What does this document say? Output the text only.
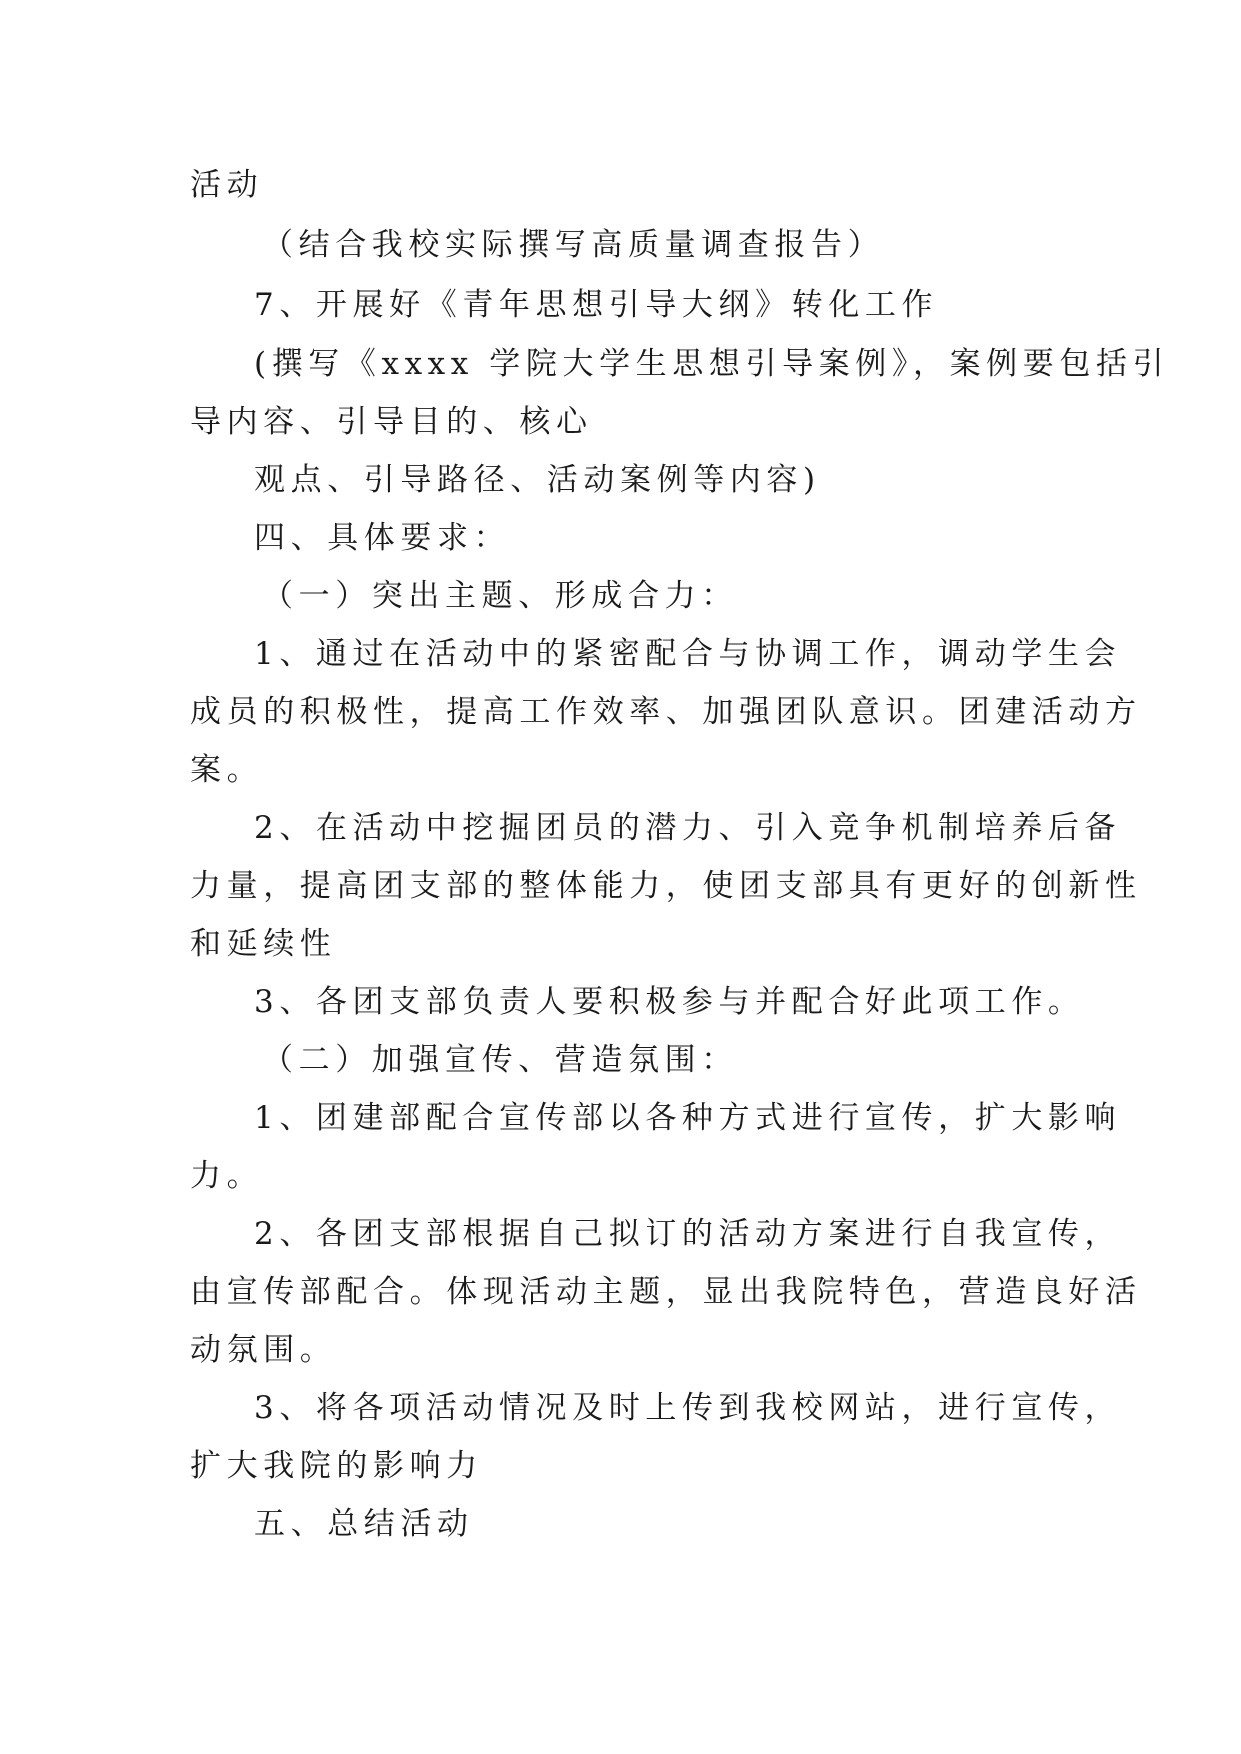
活动
（结合我校实际撰写高质量调查报告）
7、开展好《青年思想引导大纲》转化工作
(撰写《xxxx 学院大学生思想引导案例》，案例要包括引
导内容、引导目的、核心
观点、引导路径、活动案例等内容)
四、具体要求：
（一）突出主题、形成合力：
1、通过在活动中的紧密配合与协调工作，调动学生会
成员的积极性，提高工作效率、加强团队意识。团建活动方
案。
2、在活动中挖掘团员的潜力、引入竞争机制培养后备
力量，提高团支部的整体能力，使团支部具有更好的创新性
和延续性
3、各团支部负责人要积极参与并配合好此项工作。
（二）加强宣传、营造氛围：
1、团建部配合宣传部以各种方式进行宣传，扩大影响
力。
2、各团支部根据自己拟订的活动方案进行自我宣传，
由宣传部配合。体现活动主题，显出我院特色，营造良好活
动氛围。
3、将各项活动情况及时上传到我校网站，进行宣传，
扩大我院的影响力
五、总结活动
